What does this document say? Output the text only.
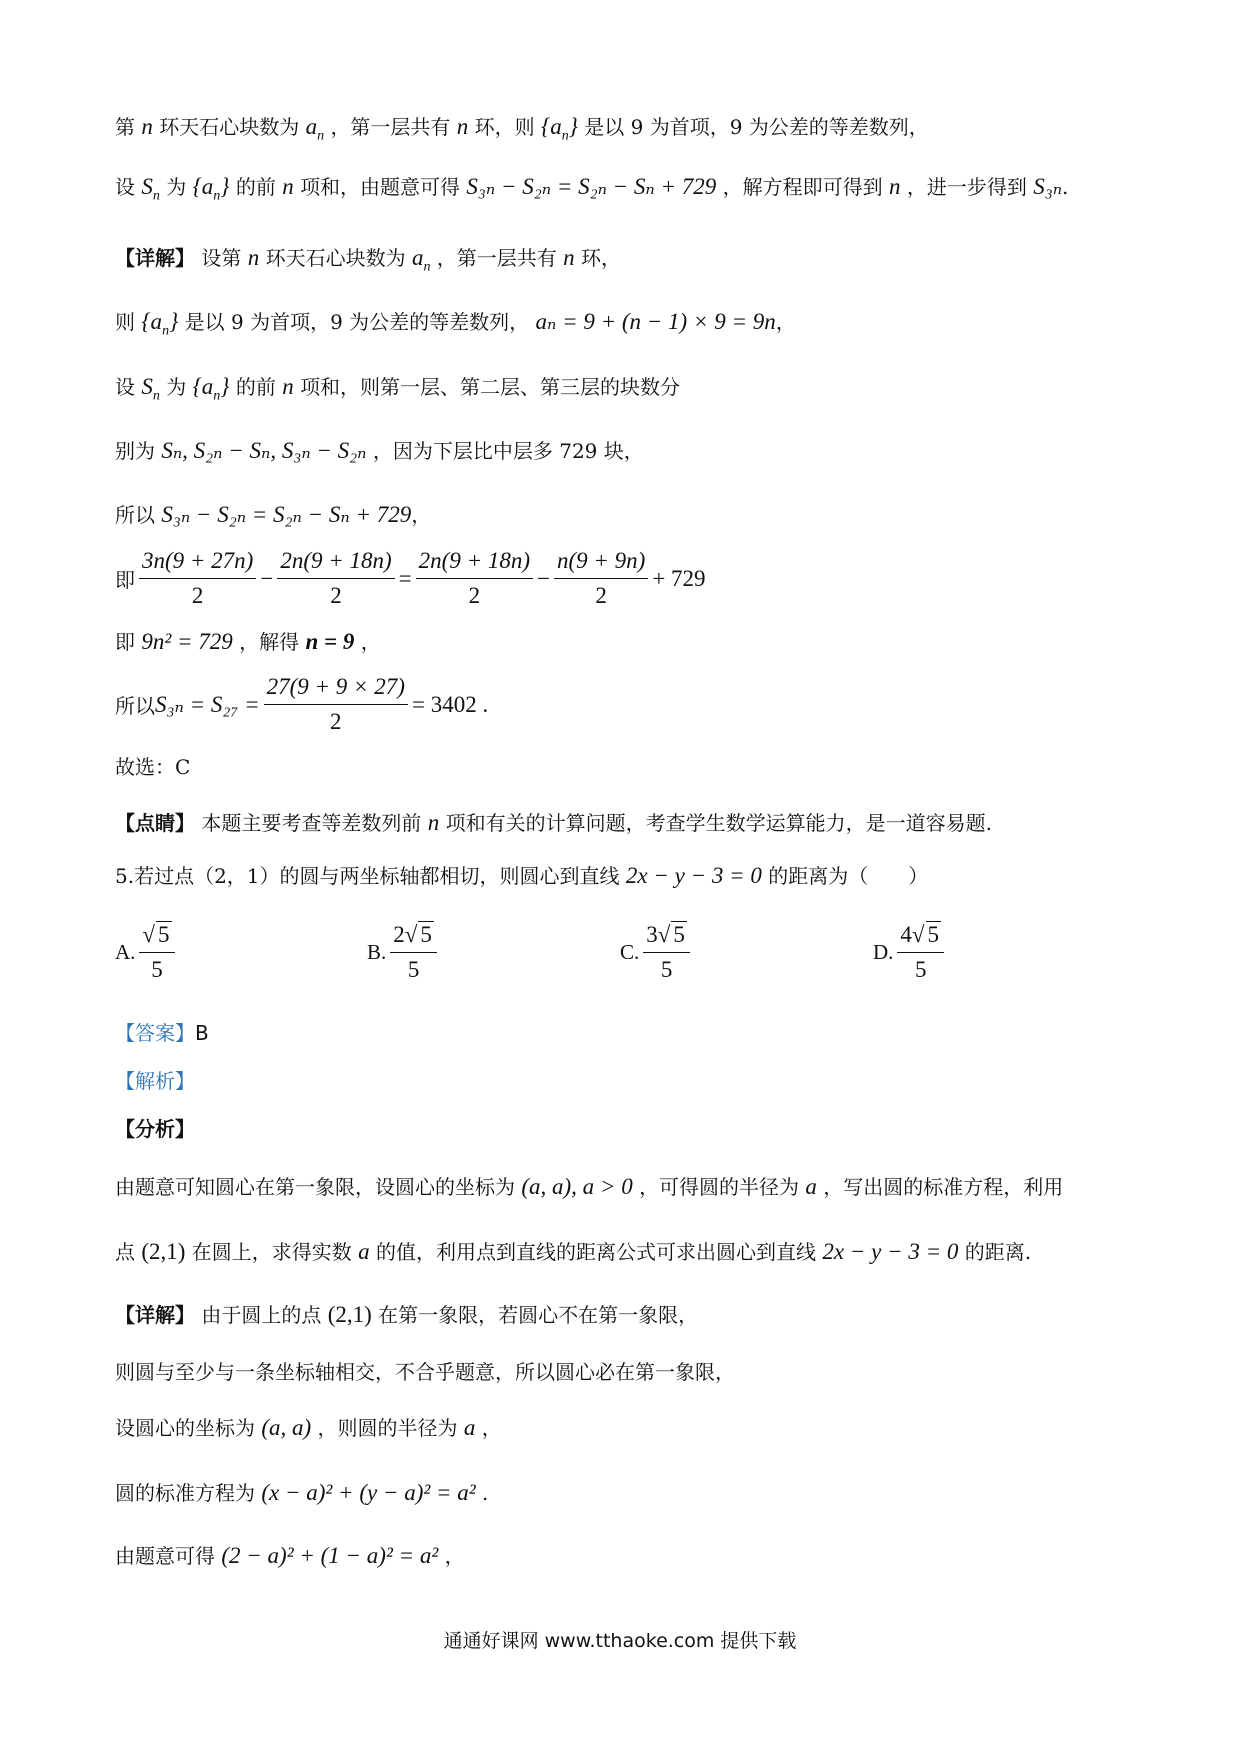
第 n 环天石心块数为 $a_n$ ，第一层共有 n 环，则 $\{a_n\}$ 是以 9 为首项，9 为公差的等差数列，
设 $S_n$ 为 $\{a_n\}$ 的前 n 项和，由题意可得 S₃ₙ − S₂ₙ = S₂ₙ − Sₙ + 729 ，解方程即可得到 n ，进一步得到 S₃ₙ.
【详解】 设第 n 环天石心块数为 $a_n$ ，第一层共有 n 环，
则 $\{a_n\}$ 是以 9 为首项，9 为公差的等差数列， aₙ = 9 + (n − 1) × 9 = 9n，
设 $S_n$ 为 $\{a_n\}$ 的前 n 项和，则第一层、第二层、第三层的块数分
别为 Sₙ, S₂ₙ − Sₙ, S₃ₙ − S₂ₙ ，因为下层比中层多 729 块，
所以 S₃ₙ − S₂ₙ = S₂ₙ − Sₙ + 729，
即 $\frac{3n(9 + 27n)}{2} - \frac{2n(9 + 18n)}{2} = \frac{2n(9 + 18n)}{2} - \frac{n(9 + 9n)}{2} + 729$
即 9n² = 729 ，解得 n = 9 ，
所以 $S_{3n} = S_{27} = \frac{27(9 + 9 \times 27)}{2} = 3402$ .
故选：C
【点睛】 本题主要考查等差数列前 n 项和有关的计算问题，考查学生数学运算能力，是一道容易题.
5.若过点（2，1）的圆与两坐标轴都相切，则圆心到直线 2x − y − 3 = 0 的距离为（　　）
A. $\frac{√ 5}{5}$	B. $\frac{2√ 5}{5}$	C. $\frac{3√ 5}{5}$	D. $\frac{4√ 5}{5}$
【答案】B
【解析】
【分析】
由题意可知圆心在第一象限，设圆心的坐标为 (a, a), a > 0 ，可得圆的半径为 a ，写出圆的标准方程，利用
点 (2,1) 在圆上，求得实数 a 的值，利用点到直线的距离公式可求出圆心到直线 2x − y − 3 = 0 的距离.
【详解】 由于圆上的点 (2,1) 在第一象限，若圆心不在第一象限，
则圆与至少与一条坐标轴相交，不合乎题意，所以圆心必在第一象限，
设圆心的坐标为 (a, a) ，则圆的半径为 a ，
圆的标准方程为 (x − a)² + (y − a)² = a² .
由题意可得 (2 − a)² + (1 − a)² = a² ，
通通好课网 www.tthaoke.com 提供下载
